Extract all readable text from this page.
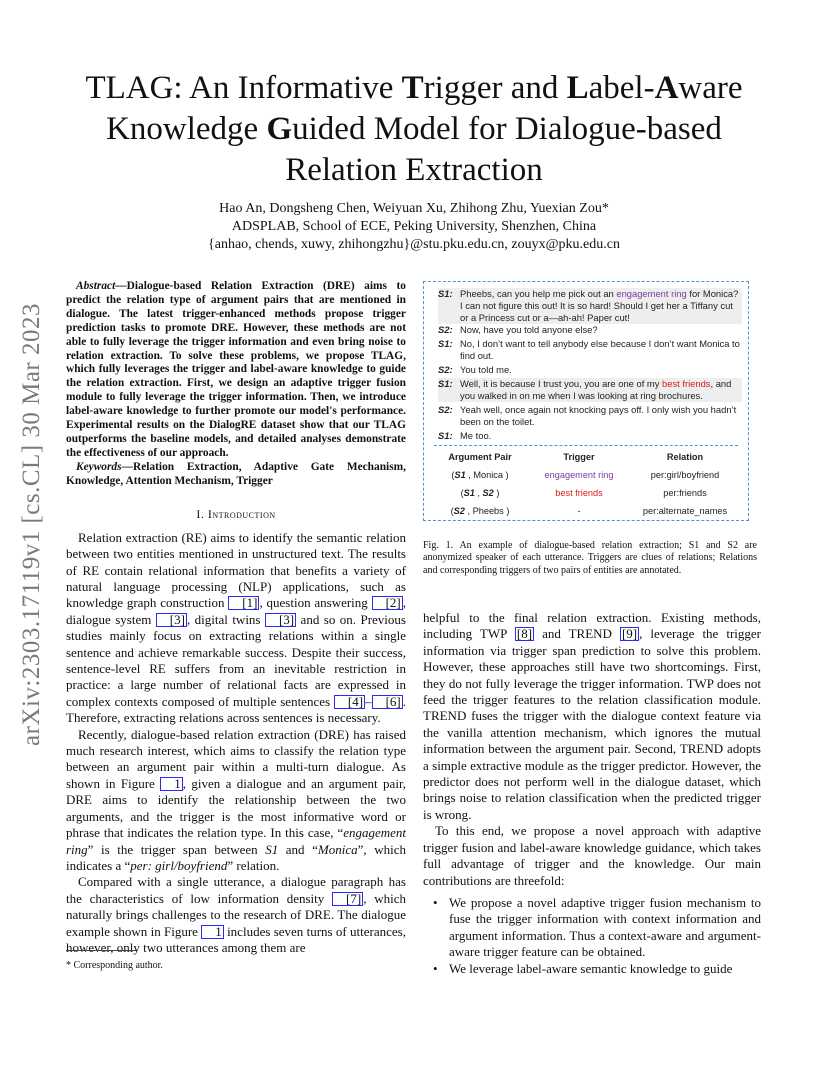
arXiv:2303.17119v1 [cs.CL] 30 Mar 2023
TLAG: An Informative Trigger and Label-Aware
Knowledge Guided Model for Dialogue-based
Relation Extraction
Hao An, Dongsheng Chen, Weiyuan Xu, Zhihong Zhu, Yuexian Zou*
ADSPLAB, School of ECE, Peking University, Shenzhen, China
{anhao, chends, xuwy, zhihongzhu}@stu.pku.edu.cn, zouyx@pku.edu.cn

Abstract—Dialogue-based Relation Extraction (DRE) aims to predict the relation type of argument pairs that are mentioned in dialogue. The latest trigger-enhanced methods propose trigger prediction tasks to promote DRE. However, these methods are not able to fully leverage the trigger information and even bring noise to relation extraction. To solve these problems, we propose TLAG, which fully leverages the trigger and label-aware knowledge to guide the relation extraction. First, we design an adaptive trigger fusion module to fully leverage the trigger information. Then, we introduce label-aware knowledge to further promote our model's performance. Experimental results on the DialogRE dataset show that our TLAG outperforms the baseline models, and detailed analyses demonstrate the effectiveness of our approach.

Keywords—Relation Extraction, Adaptive Gate Mechanism, Knowledge, Attention Mechanism, Trigger

I. Introduction

Relation extraction (RE) aims to identify the semantic relation between two entities mentioned in unstructured text. The results of RE contain relational information that benefits a variety of natural language processing (NLP) applications, such as knowledge graph construction [1] , question answering [2] , dialogue system [3] , digital twins [3] and so on. Previous studies mainly focus on extracting relations within a single sentence and achieve remarkable success. Despite their success, sentence-level RE suffers from an inevitable restriction in practice: a large number of relational facts are expressed in complex contexts composed of multiple sentences [4] – [6] . Therefore, extracting relations across sentences is necessary.

Recently, dialogue-based relation extraction (DRE) has raised much research interest, which aims to classify the relation type between an argument pair within a multi-turn dialogue. As shown in Figure 1 , given a dialogue and an argument pair, DRE aims to identify the relationship between the two arguments, and the trigger is the most informative word or phrase that indicates the relation type. In this case, “engagement ring” is the trigger span between S1 and “Monica”, which indicates a “per: girl/boyfriend” relation.

Compared with a single utterance, a dialogue paragraph has the characteristics of low information density [7] , which naturally brings challenges to the research of DRE. The dialogue example shown in Figure 1 includes seven turns of utterances, however, only two utterances among them are

* Corresponding author.
S1: Pheebs, can you help me pick out an engagement ring for Monica? I can not figure this out! It is so hard! Should I get her a Tiffany cut or a Princess cut or a—ah-ah! Paper cut!
S2: Now, have you told anyone else?
S1: No, I don’t want to tell anybody else because I don’t want Monica to find out.
S2: You told me.
S1: Well, it is because I trust you, you are one of my best friends, and you walked in on me when I was looking at ring brochures.
S2: Yeah well, once again not knocking pays off. I only wish you hadn’t been on the toilet.
S1: Me too.
Argument Pair	Trigger	Relation
(S1 , Monica )	engagement ring	per:girl/boyfriend
(S1 , S2 )	best friends	per:friends
(S2 , Pheebs )	-	per:alternate_names
Fig. 1. An example of dialogue-based relation extraction; S1 and S2 are anonymized speaker of each utterance. Triggers are clues of relations; Relations and corresponding triggers of two pairs of entities are annotated.

helpful to the final relation extraction. Existing methods, including TWP [8] and TREND [9] , leverage the trigger information via trigger span prediction to solve this problem. However, these approaches still have two shortcomings. First, they do not fully leverage the trigger information. TWP does not feed the trigger features to the relation classification module. TREND fuses the trigger with the dialogue context feature via the vanilla attention mechanism, which ignores the mutual information between the argument pair. Second, TREND adopts a simple extractive module as the trigger predictor. However, the predictor does not perform well in the dialogue dataset, which brings noise to relation classification when the predicted trigger is wrong.

To this end, we propose a novel approach with adaptive trigger fusion and label-aware knowledge guidance, which takes full advantage of trigger and the knowledge. Our main contributions are threefold:

• We propose a novel adaptive trigger fusion mechanism to fuse the trigger information with context information and argument information. Thus a context-aware and argument-aware trigger feature can be obtained.
• We leverage label-aware semantic knowledge to guide
